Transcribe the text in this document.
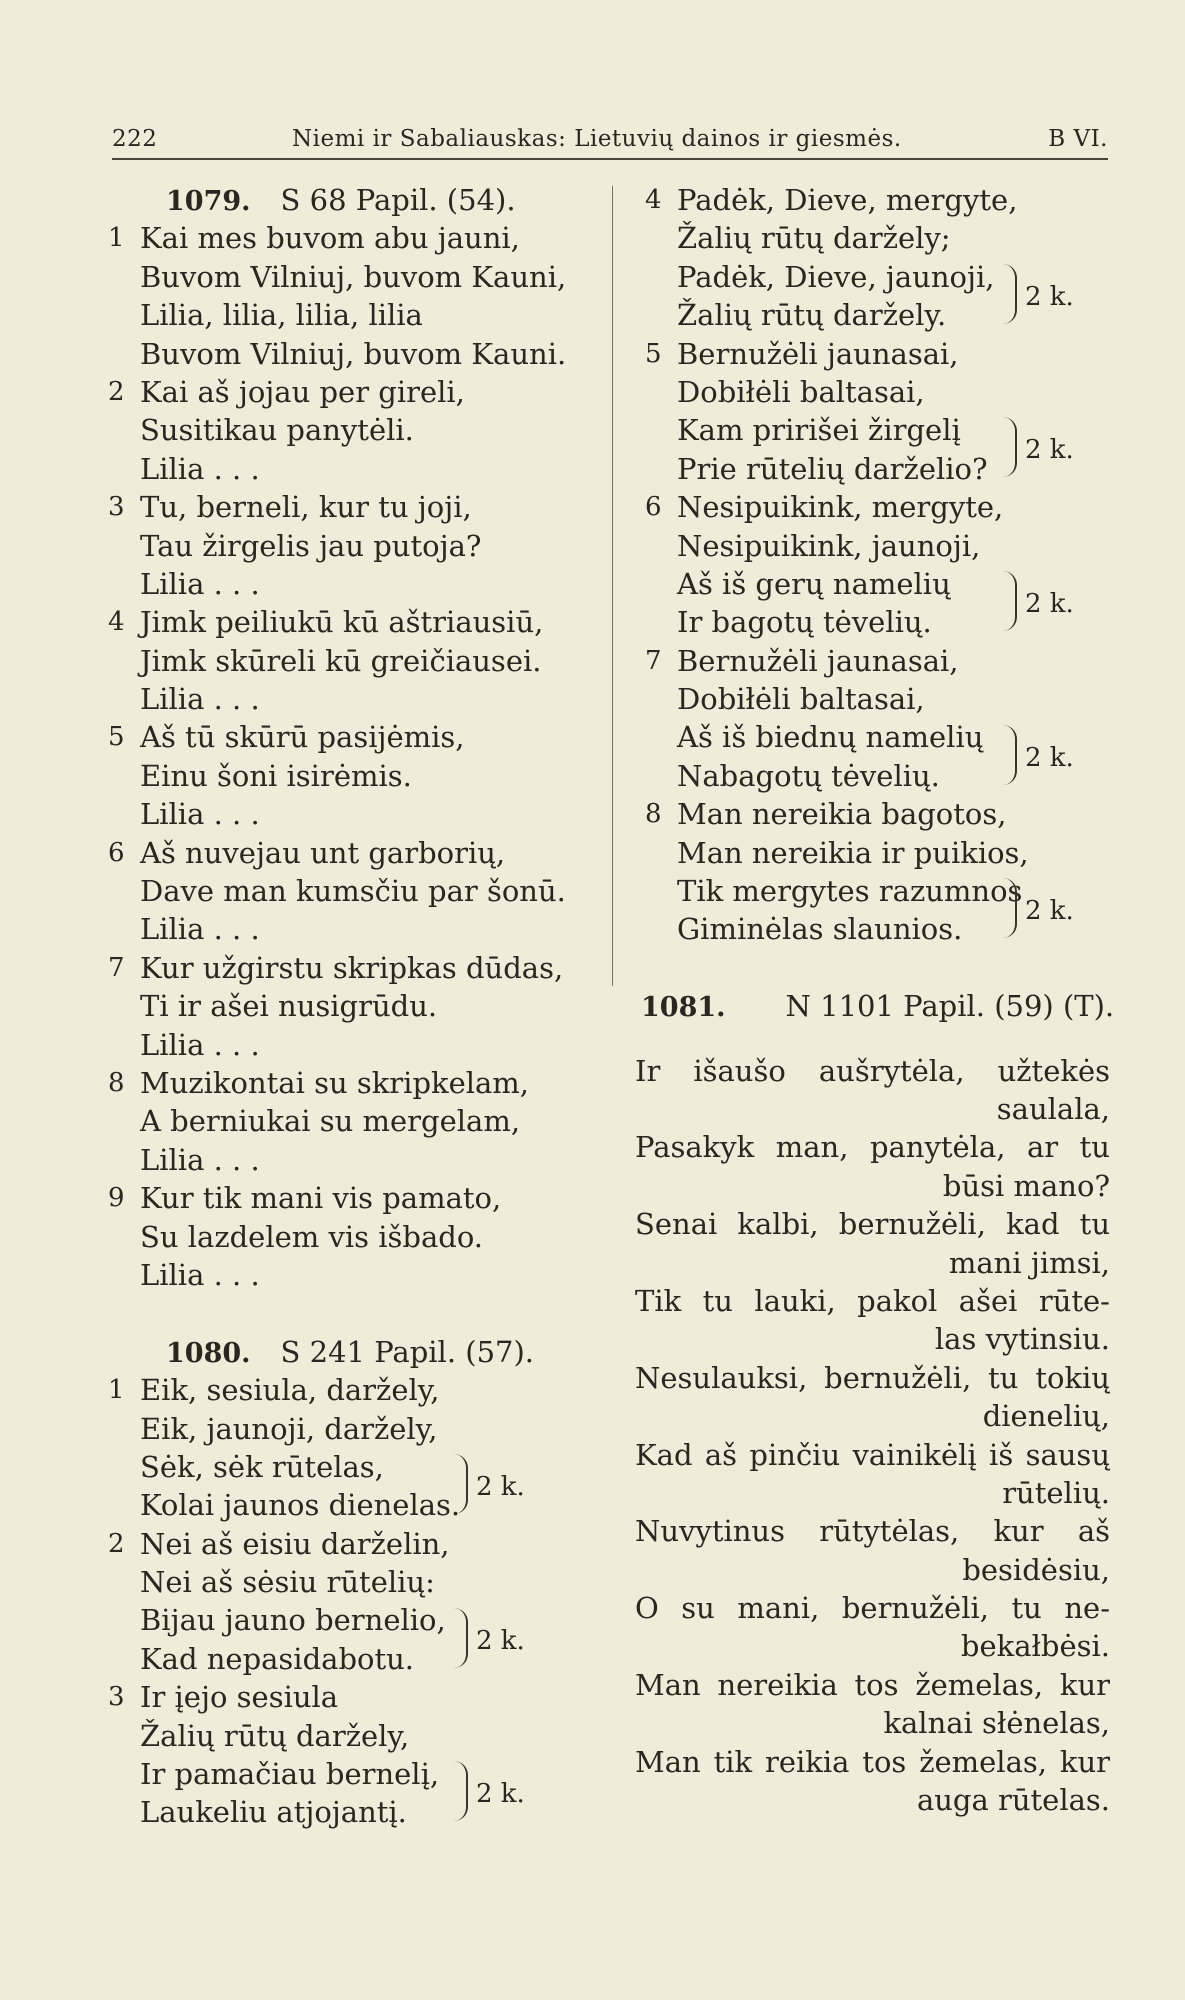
222	Niemi ir Sabaliauskas: Lietuvių dainos ir giesmės.	B VI.
1079. S 68 Papil. (54).
1 Kai mes buvom abu jauni,
Buvom Vilniuj, buvom Kauni,
Lilia, lilia, lilia, lilia
Buvom Vilniuj, buvom Kauni.
2 Kai aš jojau per gireli,
Susitikau panytėli.
Lilia . . .
3 Tu, berneli, kur tu joji,
Tau žirgelis jau putoja?
Lilia . . .
4 Jimk peiliukū kū aštriausiū,
Jimk skūreli kū greičiausei.
Lilia . . .
5 Aš tū skūrū pasijėmis,
Einu šoni isirėmis.
Lilia . . .
6 Aš nuvejau unt garborių,
Dave man kumsčiu par šonū.
Lilia . . .
7 Kur užgirstu skripkas dūdas,
Ti ir ašei nusigrūdu.
Lilia . . .
8 Muzikontai su skripkelam,
A berniukai su mergelam,
Lilia . . .
9 Kur tik mani vis pamato,
Su lazdelem vis išbado.
Lilia . . .
1080. S 241 Papil. (57).
1 Eik, sesiula, daržely,
Eik, jaunoji, daržely,
Sėk, sėk rūtelas,
Kolai jaunos dienelas.
2 Nei aš eisiu darželin,
Nei aš sėsiu rūtelių:
Bijau jauno bernelio,
Kad nepasidabotu.
3 Ir įejo sesiula
Žalių rūtų daržely,
Ir pamačiau bernelį,
Laukeliu atjojantį.
2 k.
2 k.
2 k.
4 Padėk, Dieve, mergyte,
Žalių rūtų daržely;
Padėk, Dieve, jaunoji,
Žalių rūtų daržely.
5 Bernužėli jaunasai,
Dobiłėli baltasai,
Kam pririšei žirgelį
Prie rūtelių darželio?
6 Nesipuikink, mergyte,
Nesipuikink, jaunoji,
Aš iš gerų namelių
Ir bagotų tėvelių.
7 Bernužėli jaunasai,
Dobiłėli baltasai,
Aš iš biednų namelių
Nabagotų tėvelių.
8 Man nereikia bagotos,
Man nereikia ir puikios,
Tik mergytes razumnos
Giminėlas slaunios.
2 k.
2 k.
2 k.
2 k.
2 k.
1081. N 1101 Papil. (59) (T).
Ir išaušo aušrytėla, užtekės
saulala,
Pasakyk man, panytėla, ar tu
būsi mano?
Senai kalbi, bernužėli, kad tu
mani jimsi,
Tik tu lauki, pakol ašei rūte-
las vytinsiu.
Nesulauksi, bernužėli, tu tokių
dienelių,
Kad aš pinčiu vainikėlį iš sausų
rūtelių.
Nuvytinus rūtytėlas, kur aš
besidėsiu,
O su mani, bernužėli, tu ne-
bekałbėsi.
Man nereikia tos žemelas, kur
kalnai słėnelas,
Man tik reikia tos žemelas, kur
auga rūtelas.
